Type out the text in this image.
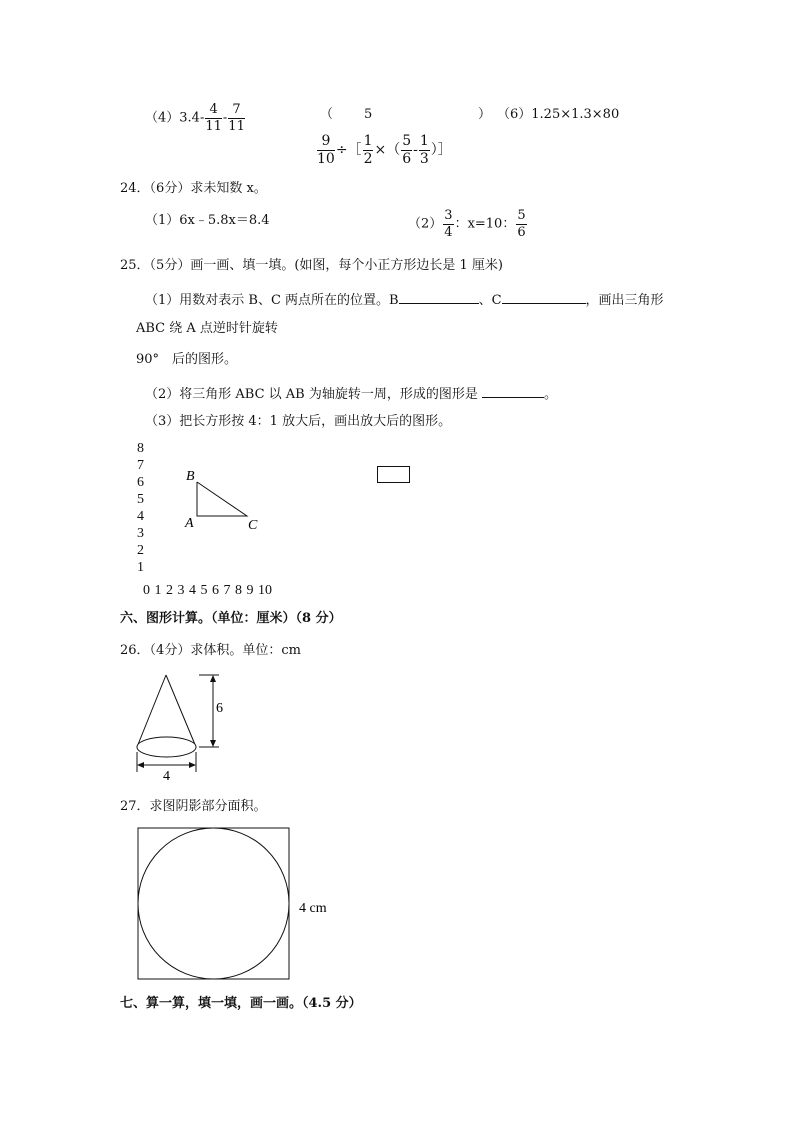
$(4)3.4- \frac{4}{11} - \frac{7}{11}$	（ 5	） （6）1.25×1.3×80
$\frac{9}{10}$ ÷［ $\frac{1}{2}$ ×（ $\frac{5}{6} - \frac{1}{3}$ ）］
24．（6分）求未知数 x。
（1）6x﹣5.8x＝8.4	$(2) \frac{3}{4}$ ：x=10： $\frac{5}{6}$
25．（5分）画一画、填一填。(如图，每个小正方形边长是 1 厘米)
（1）用数对表示 B、C 两点所在的位置。B	、C	，画出三角形
ABC 绕 A 点逆时针旋转
90°　后的图形。
（2）将三角形 ABC 以 AB 为轴旋转一周，形成的图形是	。
（3）把长方形按 4：1 放大后，画出放大后的图形。
8
7
6
5
4
3
2
1
0 1 2 3 4 5 6 7 8 9 10
B
A	C
六、图形计算。（单位：厘米）（8 分）
26．（4分）求体积。单位：cm
6
4
27．求图阴影部分面积。
4 cm
七、算一算，填一填，画一画。（4.5 分）
